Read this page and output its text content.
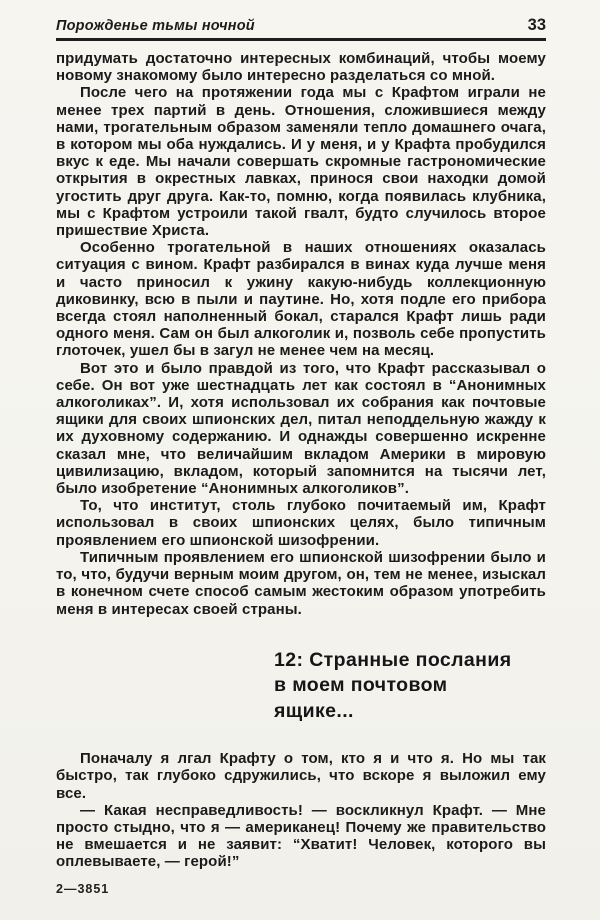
Порожденье тьмы ночной	33

придумать достаточно интересных комбинаций, чтобы моему новому знакомому было интересно разделаться со мной.

После чего на протяжении года мы с Крафтом играли не менее трех партий в день. Отношения, сложившиеся между нами, трогательным образом заменяли тепло домашнего очага, в котором мы оба нуждались. И у меня, и у Крафта пробудился вкус к еде. Мы начали совершать скромные гастрономические открытия в окрестных лавках, принося свои находки домой угостить друг друга. Как-то, помню, когда появилась клубника, мы с Крафтом устроили такой гвалт, будто случилось второе пришествие Христа.

Особенно трогательной в наших отношениях оказалась ситуация с вином. Крафт разбирался в винах куда лучше меня и часто приносил к ужину какую-нибудь коллекционную диковинку, всю в пыли и паутине. Но, хотя подле его прибора всегда стоял наполненный бокал, старался Крафт лишь ради одного меня. Сам он был алкоголик и, позволь себе пропустить глоточек, ушел бы в загул не менее чем на месяц.

Вот это и было правдой из того, что Крафт рассказывал о себе. Он вот уже шестнадцать лет как состоял в “Анонимных алкоголиках”. И, хотя использовал их собрания как почтовые ящики для своих шпионских дел, питал неподдельную жажду к их духовному содержанию. И однажды совершенно искренне сказал мне, что величайшим вкладом Америки в мировую цивилизацию, вкладом, который запомнится на тысячи лет, было изобретение “Анонимных алкоголиков”.

То, что институт, столь глубоко почитаемый им, Крафт использовал в своих шпионских целях, было типичным проявлением его шпионской шизофрении.

Типичным проявлением его шпионской шизофрении было и то, что, будучи верным моим другом, он, тем не менее, изыскал в конечном счете способ самым жестоким образом употребить меня в интересах своей страны.

12: Странные послания
в моем почтовом
ящике...

Поначалу я лгал Крафту о том, кто я и что я. Но мы так быстро, так глубоко сдружились, что вскоре я выложил ему все.

— Какая несправедливость! — воскликнул Крафт. — Мне просто стыдно, что я — американец! Почему же правительство не вмешается и не заявит: “Хватит! Человек, которого вы оплевываете, — герой!”

2—3851
